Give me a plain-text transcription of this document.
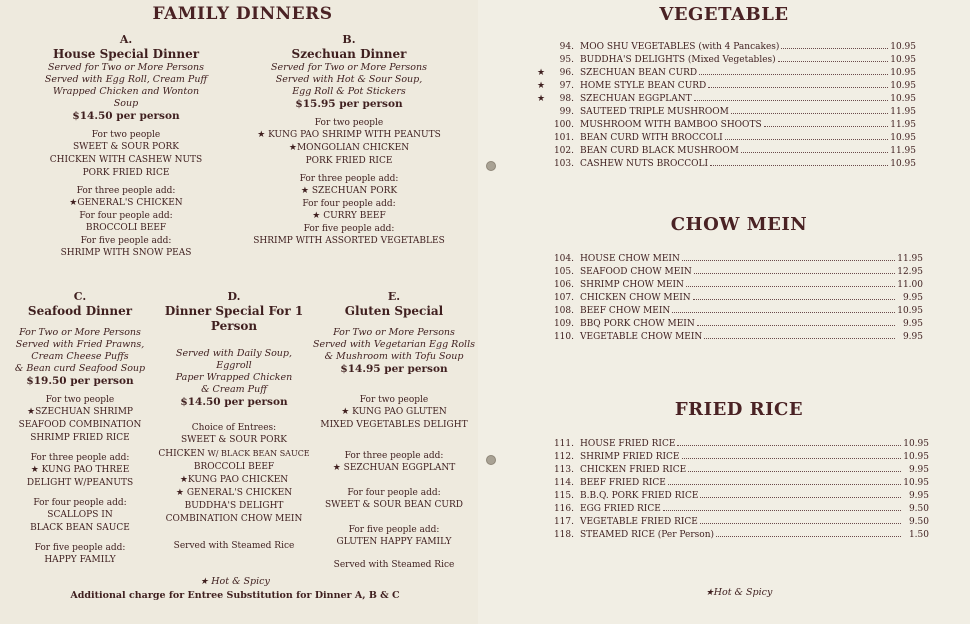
FAMILY DINNERS
A.
House Special Dinner
Served for Two or More Persons
Served with Egg Roll, Cream Puff
Wrapped Chicken and Wonton Soup
$14.50 per person
For two people
SWEET & SOUR PORK
CHICKEN WITH CASHEW NUTS
PORK FRIED RICE
For three people add:
★GENERAL'S CHICKEN
For four people add:
BROCCOLI BEEF
For five people add:
SHRIMP WITH SNOW PEAS
B.
Szechuan Dinner
Served for Two or More Persons
Served with Hot & Sour Soup,
Egg Roll & Pot Stickers
$15.95 per person
For two people
★ KUNG PAO SHRIMP WITH PEANUTS
★MONGOLIAN CHICKEN
PORK FRIED RICE
For three people add:
★ SZECHUAN PORK
For four people add:
★ CURRY BEEF
For five people add:
SHRIMP WITH ASSORTED VEGETABLES
C.
Seafood Dinner
For Two or More Persons
Served with Fried Prawns,
Cream Cheese Puffs
& Bean curd Seafood Soup
$19.50 per person
For two people
★SZECHUAN SHRIMP
SEAFOOD COMBINATION
SHRIMP FRIED RICE
For three people add:
★ KUNG PAO THREE
DELIGHT W/PEANUTS
For four people add:
SCALLOPS IN
BLACK BEAN SAUCE
For five people add:
HAPPY FAMILY
D.
Dinner Special For 1 Person
Served with Daily Soup,
Eggroll
Paper Wrapped Chicken
& Cream Puff
$14.50 per person
Choice of Entrees:
SWEET & SOUR PORK
CHICKEN W/ BLACK BEAN SAUCE
BROCCOLI BEEF
★KUNG PAO CHICKEN
★ GENERAL'S CHICKEN
BUDDHA'S DELIGHT
COMBINATION CHOW MEIN
Served with Steamed Rice
E.
Gluten Special
For Two or More Persons
Served with Vegetarian Egg Rolls
& Mushroom with Tofu Soup
$14.95 per person
For two people
★ KUNG PAO GLUTEN
MIXED VEGETABLES DELIGHT
For three people add:
★ SEZCHUAN EGGPLANT
For four people add:
SWEET & SOUR BEAN CURD
For five people add:
GLUTEN HAPPY FAMILY
Served with Steamed Rice
★ Hot & Spicy
Additional charge for Entree Substitution for Dinner A, B & C
VEGETABLE
94. MOO SHU VEGETABLES (with 4 Pancakes)	10.95
95. BUDDHA'S DELIGHTS (Mixed Vegetables)	10.95
★	96. SZECHUAN BEAN CURD	10.95
★	97. HOME STYLE BEAN CURD	10.95
★	98. SZECHUAN EGGPLANT	10.95
99. SAUTEED TRIPLE MUSHROOM	11.95
100. MUSHROOM WITH BAMBOO SHOOTS	11.95
101. BEAN CURD WITH BROCCOLI	10.95
102. BEAN CURD BLACK MUSHROOM	11.95
103. CASHEW NUTS BROCCOLI	10.95
CHOW MEIN
104. HOUSE CHOW MEIN	11.95
105. SEAFOOD CHOW MEIN	12.95
106. SHRIMP CHOW MEIN	11.00
107. CHICKEN CHOW MEIN	9.95
108. BEEF CHOW MEIN	10.95
109. BBQ PORK CHOW MEIN	9.95
110. VEGETABLE CHOW MEIN	9.95
FRIED RICE
111. HOUSE FRIED RICE	10.95
112. SHRIMP FRIED RICE	10.95
113. CHICKEN FRIED RICE	9.95
114. BEEF FRIED RICE	10.95
115. B.B.Q. PORK FRIED RICE	9.95
116. EGG FRIED RICE	9.50
117. VEGETABLE FRIED RICE	9.50
118. STEAMED RICE (Per Person)	1.50
★Hot & Spicy
